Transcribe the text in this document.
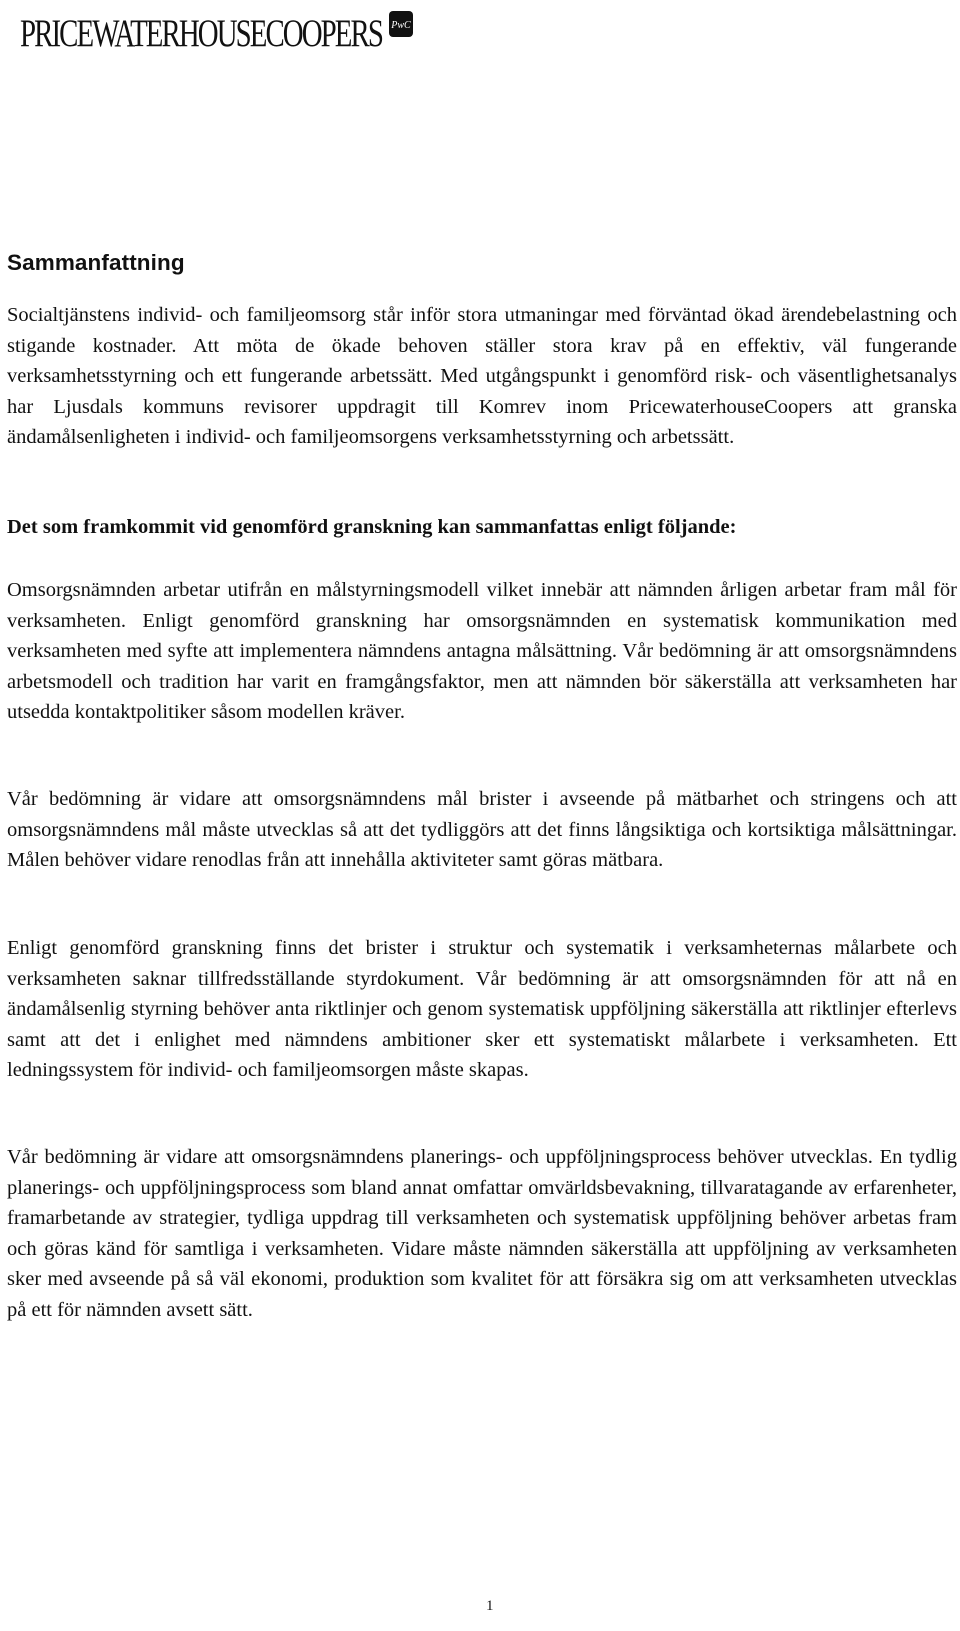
PRICEWATERHOUSECOOPERS PwC
Sammanfattning

Socialtjänstens individ- och familjeomsorg står inför stora utmaningar med förväntad ökad ärendebelastning och stigande kostnader. Att möta de ökade behoven ställer stora krav på en effektiv, väl fungerande verksamhetsstyrning och ett fungerande arbetssätt. Med utgångspunkt i genomförd risk- och väsentlighetsanalys har Ljusdals kommuns revisorer uppdragit till Komrev inom PricewaterhouseCoopers att granska ändamålsenligheten i individ- och familjeomsorgens verksamhetsstyrning och arbetssätt.

Det som framkommit vid genomförd granskning kan sammanfattas enligt följande:

Omsorgsnämnden arbetar utifrån en målstyrningsmodell vilket innebär att nämnden årligen arbetar fram mål för verksamheten. Enligt genomförd granskning har omsorgsnämnden en systematisk kommunikation med verksamheten med syfte att implementera nämndens antagna målsättning. Vår bedömning är att omsorgsnämndens arbetsmodell och tradition har varit en framgångsfaktor, men att nämnden bör säkerställa att verksamheten har utsedda kontaktpolitiker såsom modellen kräver.

Vår bedömning är vidare att omsorgsnämndens mål brister i avseende på mätbarhet och stringens och att omsorgsnämndens mål måste utvecklas så att det tydliggörs att det finns långsiktiga och kortsiktiga målsättningar. Målen behöver vidare renodlas från att innehålla aktiviteter samt göras mätbara.

Enligt genomförd granskning finns det brister i struktur och systematik i verksamheternas målarbete och verksamheten saknar tillfredsställande styrdokument. Vår bedömning är att omsorgsnämnden för att nå en ändamålsenlig styrning behöver anta riktlinjer och genom systematisk uppföljning säkerställa att riktlinjer efterlevs samt att det i enlighet med nämndens ambitioner sker ett systematiskt målarbete i verksamheten. Ett ledningssystem för individ- och familjeomsorgen måste skapas.

Vår bedömning är vidare att omsorgsnämndens planerings- och uppföljningsprocess behöver utvecklas. En tydlig planerings- och uppföljningsprocess som bland annat omfattar omvärldsbevakning, tillvaratagande av erfarenheter, framarbetande av strategier, tydliga uppdrag till verksamheten och systematisk uppföljning behöver arbetas fram och göras känd för samtliga i verksamheten. Vidare måste nämnden säkerställa att uppföljning av verksamheten sker med avseende på så väl ekonomi, produktion som kvalitet för att försäkra sig om att verksamheten utvecklas på ett för nämnden avsett sätt.

1
